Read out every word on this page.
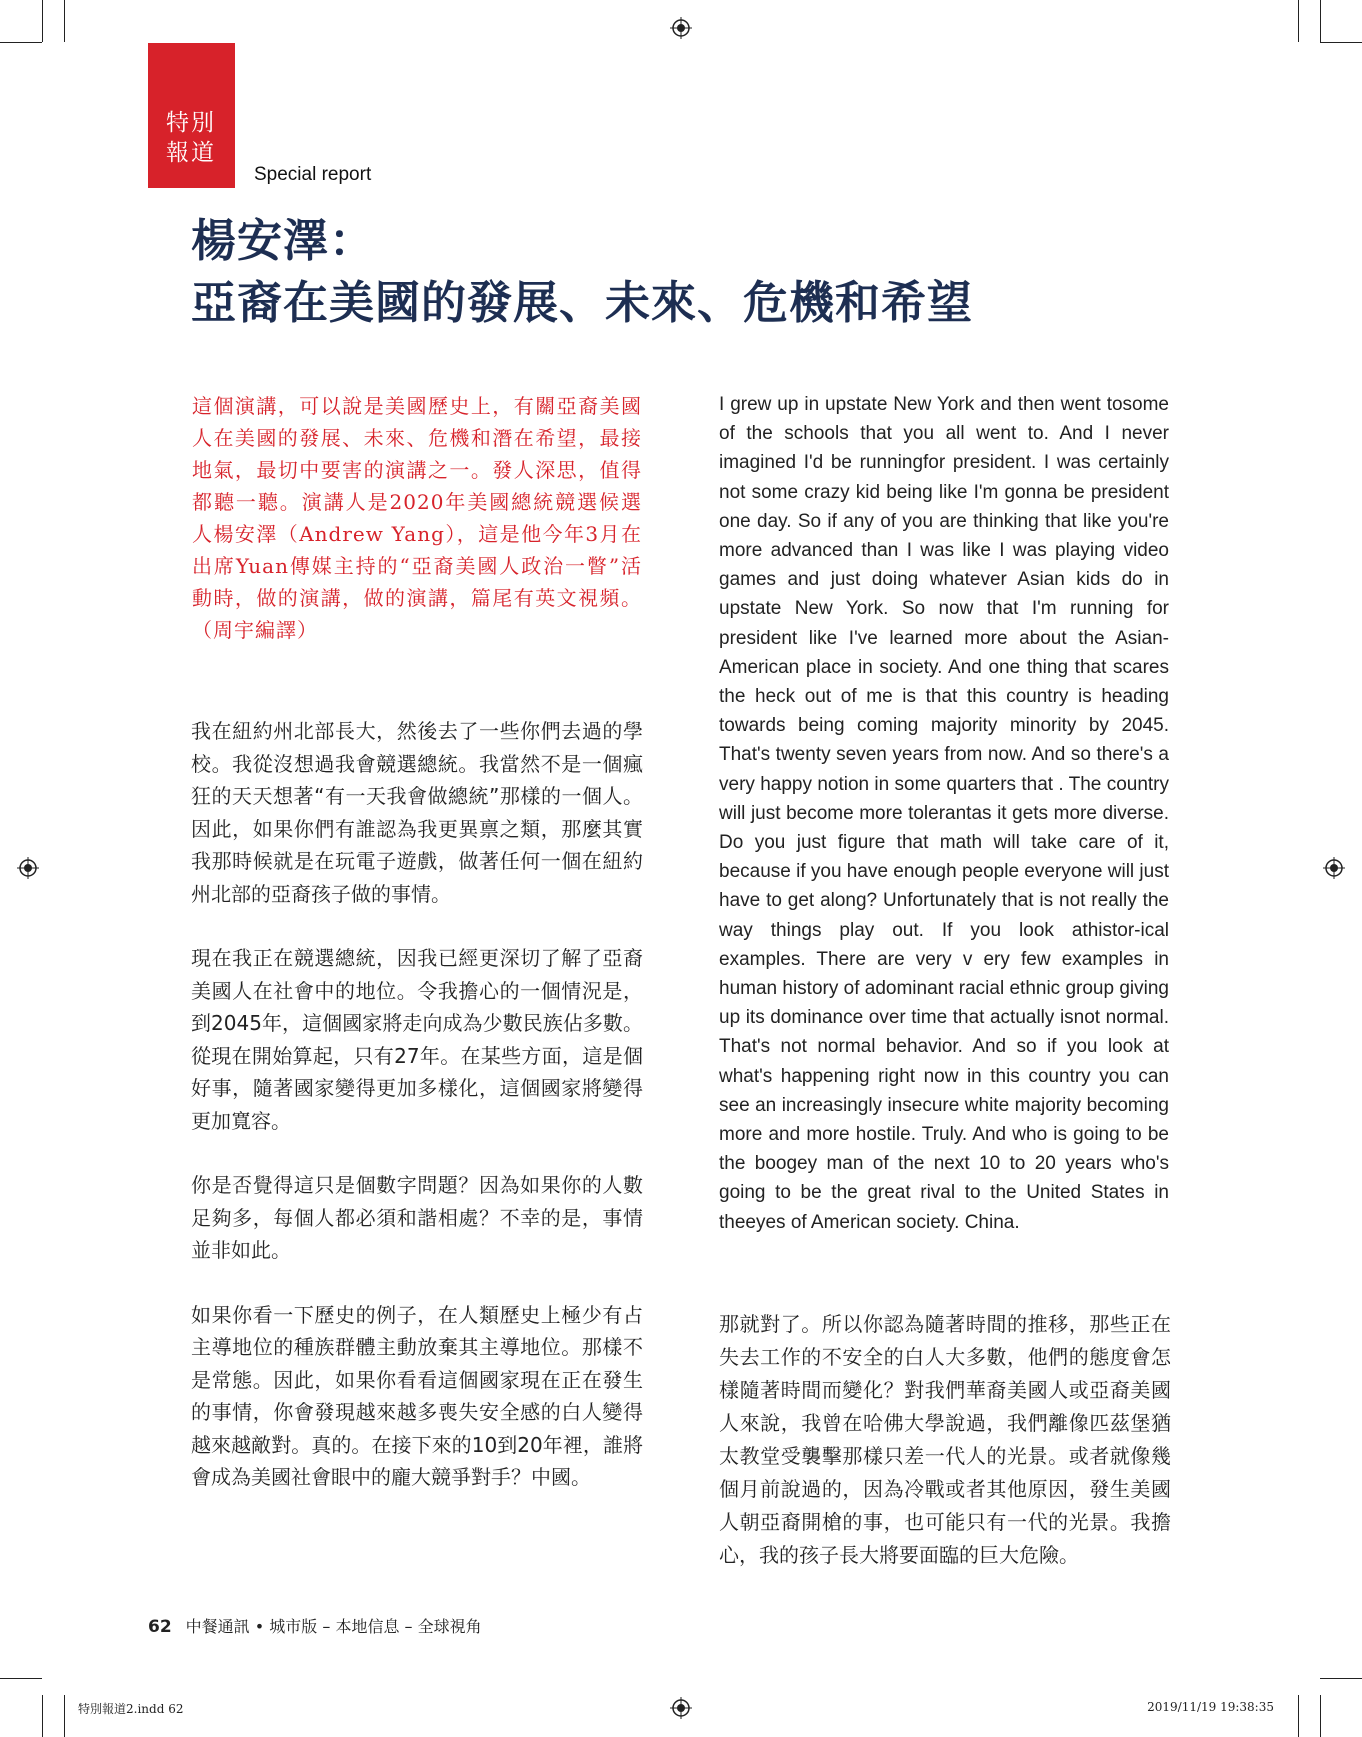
特別
報道
Special report
楊安澤：
亞裔在美國的發展、未來、危機和希望
這個演講，可以說是美國歷史上，有關亞裔美國人在美國的發展、未來、危機和潛在希望，最接地氣，最切中要害的演講之一。發人深思，值得都聽一聽。演講人是2020年美國總統競選候選人楊安澤（Andrew Yang），這是他今年3月在出席Yuan傳媒主持的“亞裔美國人政治一瞥”活動時，做的演講，做的演講，篇尾有英文視頻。（周宇編譯）

我在紐約州北部長大，然後去了一些你們去過的學校。我從沒想過我會競選總統。我當然不是一個瘋狂的天天想著“有一天我會做總統”那樣的一個人。因此，如果你們有誰認為我更異禀之類，那麼其實我那時候就是在玩電子遊戲，做著任何一個在紐約州北部的亞裔孩子做的事情。

現在我正在競選總統，因我已經更深切了解了亞裔美國人在社會中的地位。令我擔心的一個情況是，到2045年，這個國家將走向成為少數民族佔多數。從現在開始算起，只有27年。在某些方面，這是個好事，隨著國家變得更加多樣化，這個國家將變得更加寬容。

你是否覺得這只是個數字問題？因為如果你的人數足夠多，每個人都必須和諧相處？不幸的是，事情並非如此。

如果你看一下歷史的例子，在人類歷史上極少有占主導地位的種族群體主動放棄其主導地位。那樣不是常態。因此，如果你看看這個國家現在正在發生的事情，你會發現越來越多喪失安全感的白人變得越來越敵對。真的。在接下來的10到20年裡，誰將會成為美國社會眼中的龐大競爭對手？中國。

I grew up in upstate New York and then went tosome of the schools that you all went to. And I never imagined I'd be runningfor president. I was certainly not some crazy kid being like I'm gonna be president one day. So if any of you are thinking that like you're more advanced than I was like I was playing video games and just doing whatever Asian kids do in upstate New York. So now that I'm running for president like I've learned more about the Asian-American place in society. And one thing that scares the heck out of me is that this country is heading towards being coming majority minority by 2045. That's twenty seven years from now. And so there's a very happy notion in some quarters that . The country will just become more tolerantas it gets more diverse. Do you just figure that math will take care of it, because if you have enough people everyone will just have to get along? Unfortunately that is not really the way things play out. If you look athistor-ical examples. There are very v ery few examples in human history of adominant racial ethnic group giving up its dominance over time that actually isnot normal. That's not normal behavior. And so if you look at what's happening right now in this country you can see an increasingly insecure white majority becoming more and more hostile. Truly. And who is going to be the boogey man of the next 10 to 20 years who's going to be the great rival to the United States in theeyes of American society. China.

那就對了。所以你認為隨著時間的推移，那些正在失去工作的不安全的白人大多數，他們的態度會怎樣隨著時間而變化？對我們華裔美國人或亞裔美國人來說，我曾在哈佛大學說過，我們離像匹茲堡猶太教堂受襲擊那樣只差一代人的光景。或者就像幾個月前說過的，因為冷戰或者其他原因，發生美國人朝亞裔開槍的事，也可能只有一代的光景。我擔心，我的孩子長大將要面臨的巨大危險。

62 中餐通訊 • 城市版 – 本地信息 – 全球視角
特別報道2.indd 62	2019/11/19 19:38:35
